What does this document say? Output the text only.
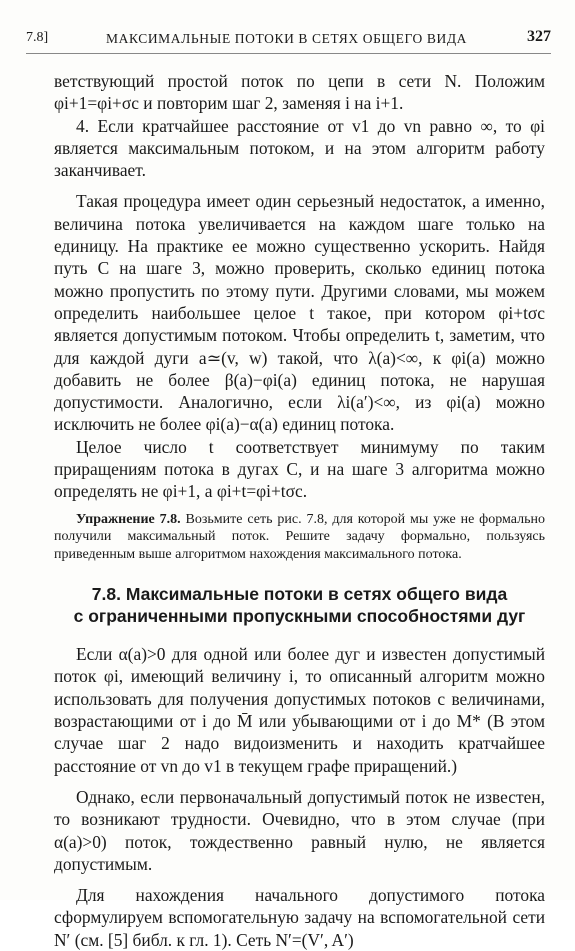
7.8]	МАКСИМАЛЬНЫЕ ПОТОКИ В СЕТЯХ ОБЩЕГО ВИДА	327

ветствующий простой поток по цепи в сети N. Положим φi+1=φi+σc и повторим шаг 2, заменяя i на i+1.

4. Если кратчайшее расстояние от v1 до vn равно ∞, то φi является максимальным потоком, и на этом алгоритм работу заканчивает.

Такая процедура имеет один серьезный недостаток, а именно, величина потока увеличивается на каждом шаге только на единицу. На практике ее можно существенно ускорить. Найдя путь C на шаге 3, можно проверить, сколько единиц потока можно пропустить по этому пути. Другими словами, мы можем определить наибольшее целое t такое, при котором φi+tσc является допустимым потоком. Чтобы определить t, заметим, что для каждой дуги a≃(v, w) такой, что λ(a)<∞, к φi(a) можно добавить не более β(a)−φi(a) единиц потока, не нарушая допустимости. Аналогично, если λi(a′)<∞, из φi(a) можно исключить не более φi(a)−α(a) единиц потока.

Целое число t соответствует минимуму по таким приращениям потока в дугах C, и на шаге 3 алгоритма можно определять не φi+1, а φi+t=φi+tσc.

Упражнение 7.8. Возьмите сеть рис. 7.8, для которой мы уже не формально получили максимальный поток. Решите задачу формально, пользуясь приведенным выше алгоритмом нахождения максимального потока.

7.8. Максимальные потоки в сетях общего вида
с ограниченными пропускными способностями дуг

Если α(a)>0 для одной или более дуг и известен допустимый поток φi, имеющий величину i, то описанный алгоритм можно использовать для получения допустимых потоков с величинами, возрастающими от i до M̄ или убывающими от i до M* (В этом случае шаг 2 надо видоизменить и находить кратчайшее расстояние от vn до v1 в текущем графе приращений.)

Однако, если первоначальный допустимый поток не известен, то возникают трудности. Очевидно, что в этом случае (при α(a)>0) поток, тождественно равный нулю, не является допустимым.

Для нахождения начального допустимого потока сформулируем вспомогательную задачу на вспомогательной сети N′ (см. [5] библ. к гл. 1). Сеть N′=(V′, A′)
